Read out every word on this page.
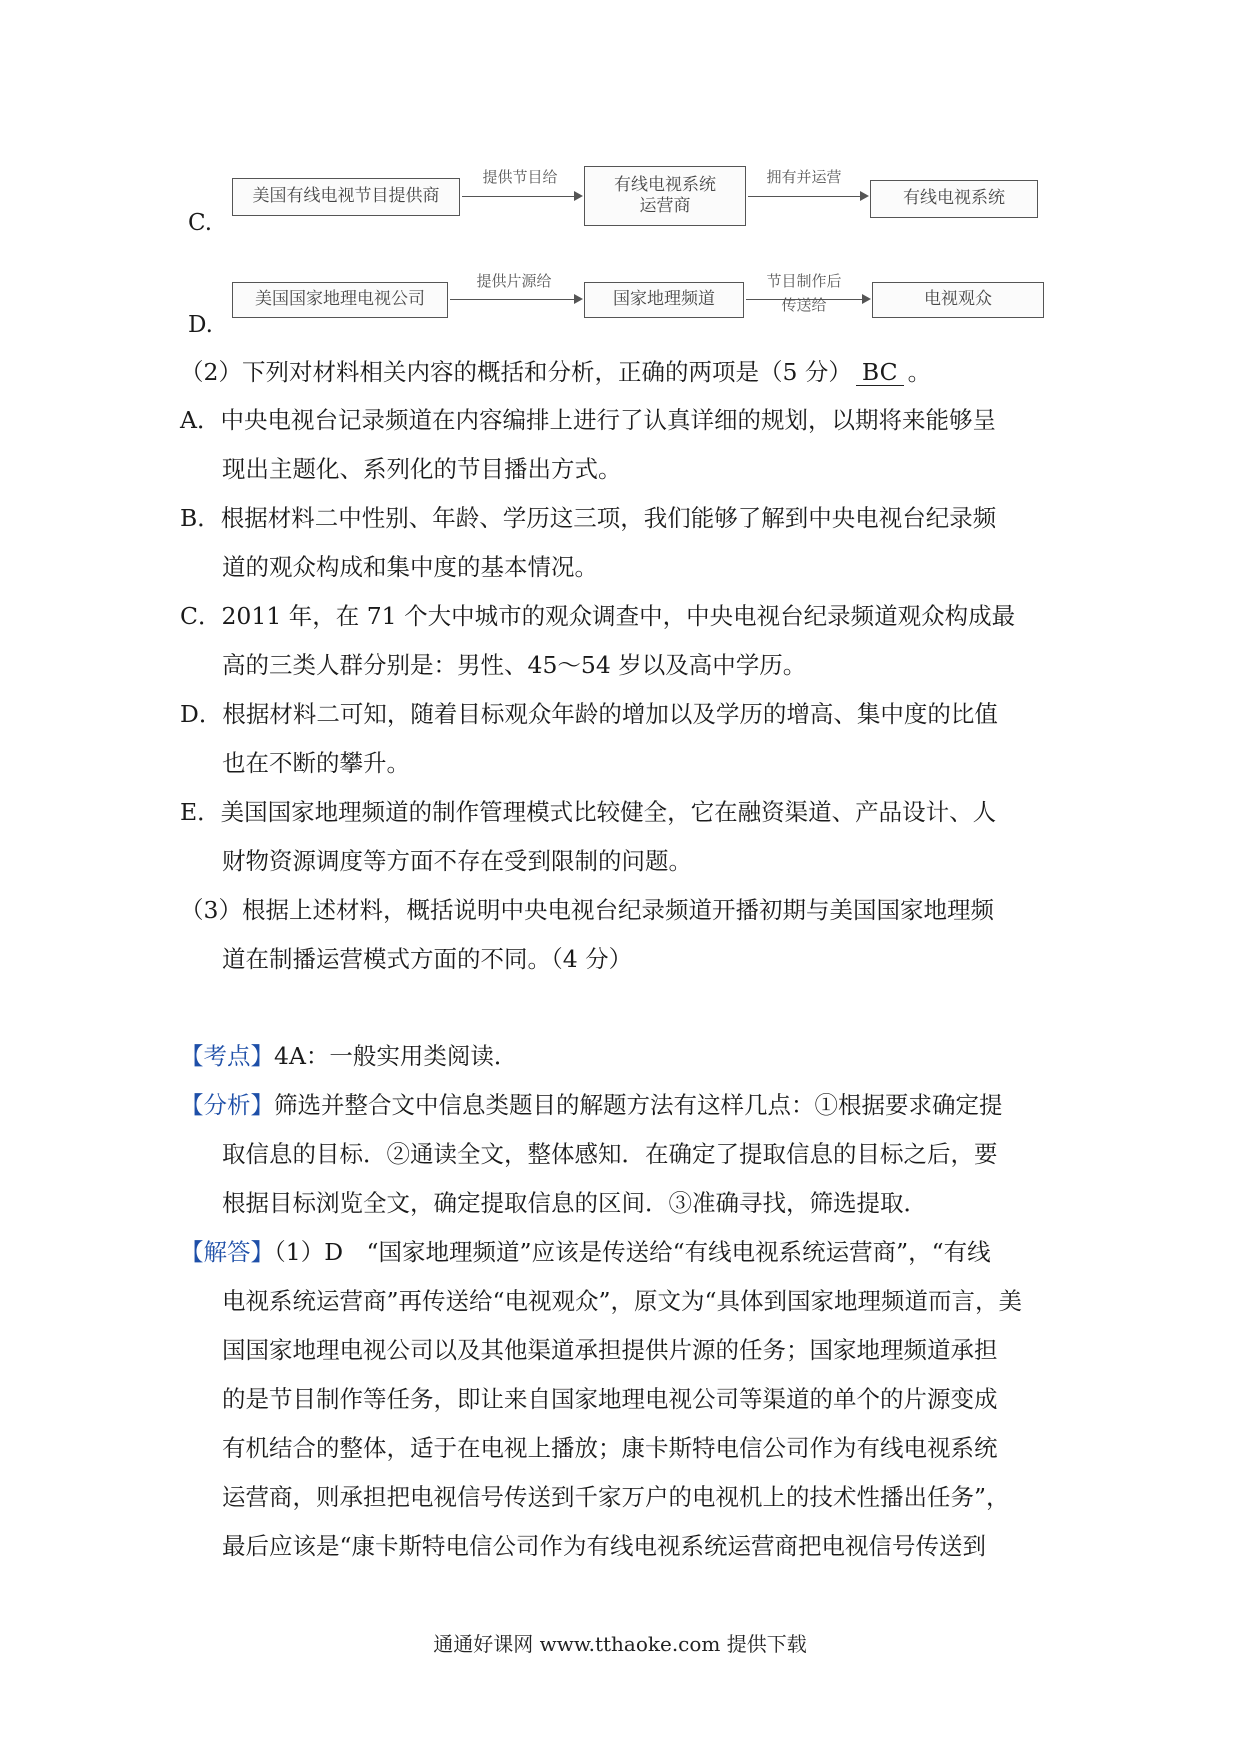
C.
美国有线电视节目提供商
提供节目给	有线电视系统
运营商
拥有并运营
有线电视系统
D.
美国国家地理电视公司
提供片源给
国家地理频道
节目制作后
传送给	电视观众
（2）下列对材料相关内容的概括和分析，正确的两项是（5 分） BC 。
A．中央电视台记录频道在内容编排上进行了认真详细的规划，以期将来能够呈
现出主题化、系列化的节目播出方式。
B．根据材料二中性别、年龄、学历这三项，我们能够了解到中央电视台纪录频
道的观众构成和集中度的基本情况。
C．2011 年，在 71 个大中城市的观众调查中，中央电视台纪录频道观众构成最
高的三类人群分别是：男性、45～54 岁以及高中学历。
D．根据材料二可知，随着目标观众年龄的增加以及学历的增高、集中度的比值
也在不断的攀升。
E．美国国家地理频道的制作管理模式比较健全，它在融资渠道、产品设计、人
财物资源调度等方面不存在受到限制的问题。
（3）根据上述材料，概括说明中央电视台纪录频道开播初期与美国国家地理频
道在制播运营模式方面的不同。（4 分）
【考点】4A：一般实用类阅读．
【分析】筛选并整合文中信息类题目的解题方法有这样几点：①根据要求确定提
取信息的目标．②通读全文，整体感知．在确定了提取信息的目标之后，要
根据目标浏览全文，确定提取信息的区间．③准确寻找，筛选提取．
【解答】（1）D　“国家地理频道”应该是传送给“有线电视系统运营商”，“有线
电视系统运营商”再传送给“电视观众”，原文为“具体到国家地理频道而言，美
国国家地理电视公司以及其他渠道承担提供片源的任务；国家地理频道承担
的是节目制作等任务，即让来自国家地理电视公司等渠道的单个的片源变成
有机结合的整体，适于在电视上播放；康卡斯特电信公司作为有线电视系统
运营商，则承担把电视信号传送到千家万户的电视机上的技术性播出任务”，
最后应该是“康卡斯特电信公司作为有线电视系统运营商把电视信号传送到
通通好课网 www.tthaoke.com 提供下载
